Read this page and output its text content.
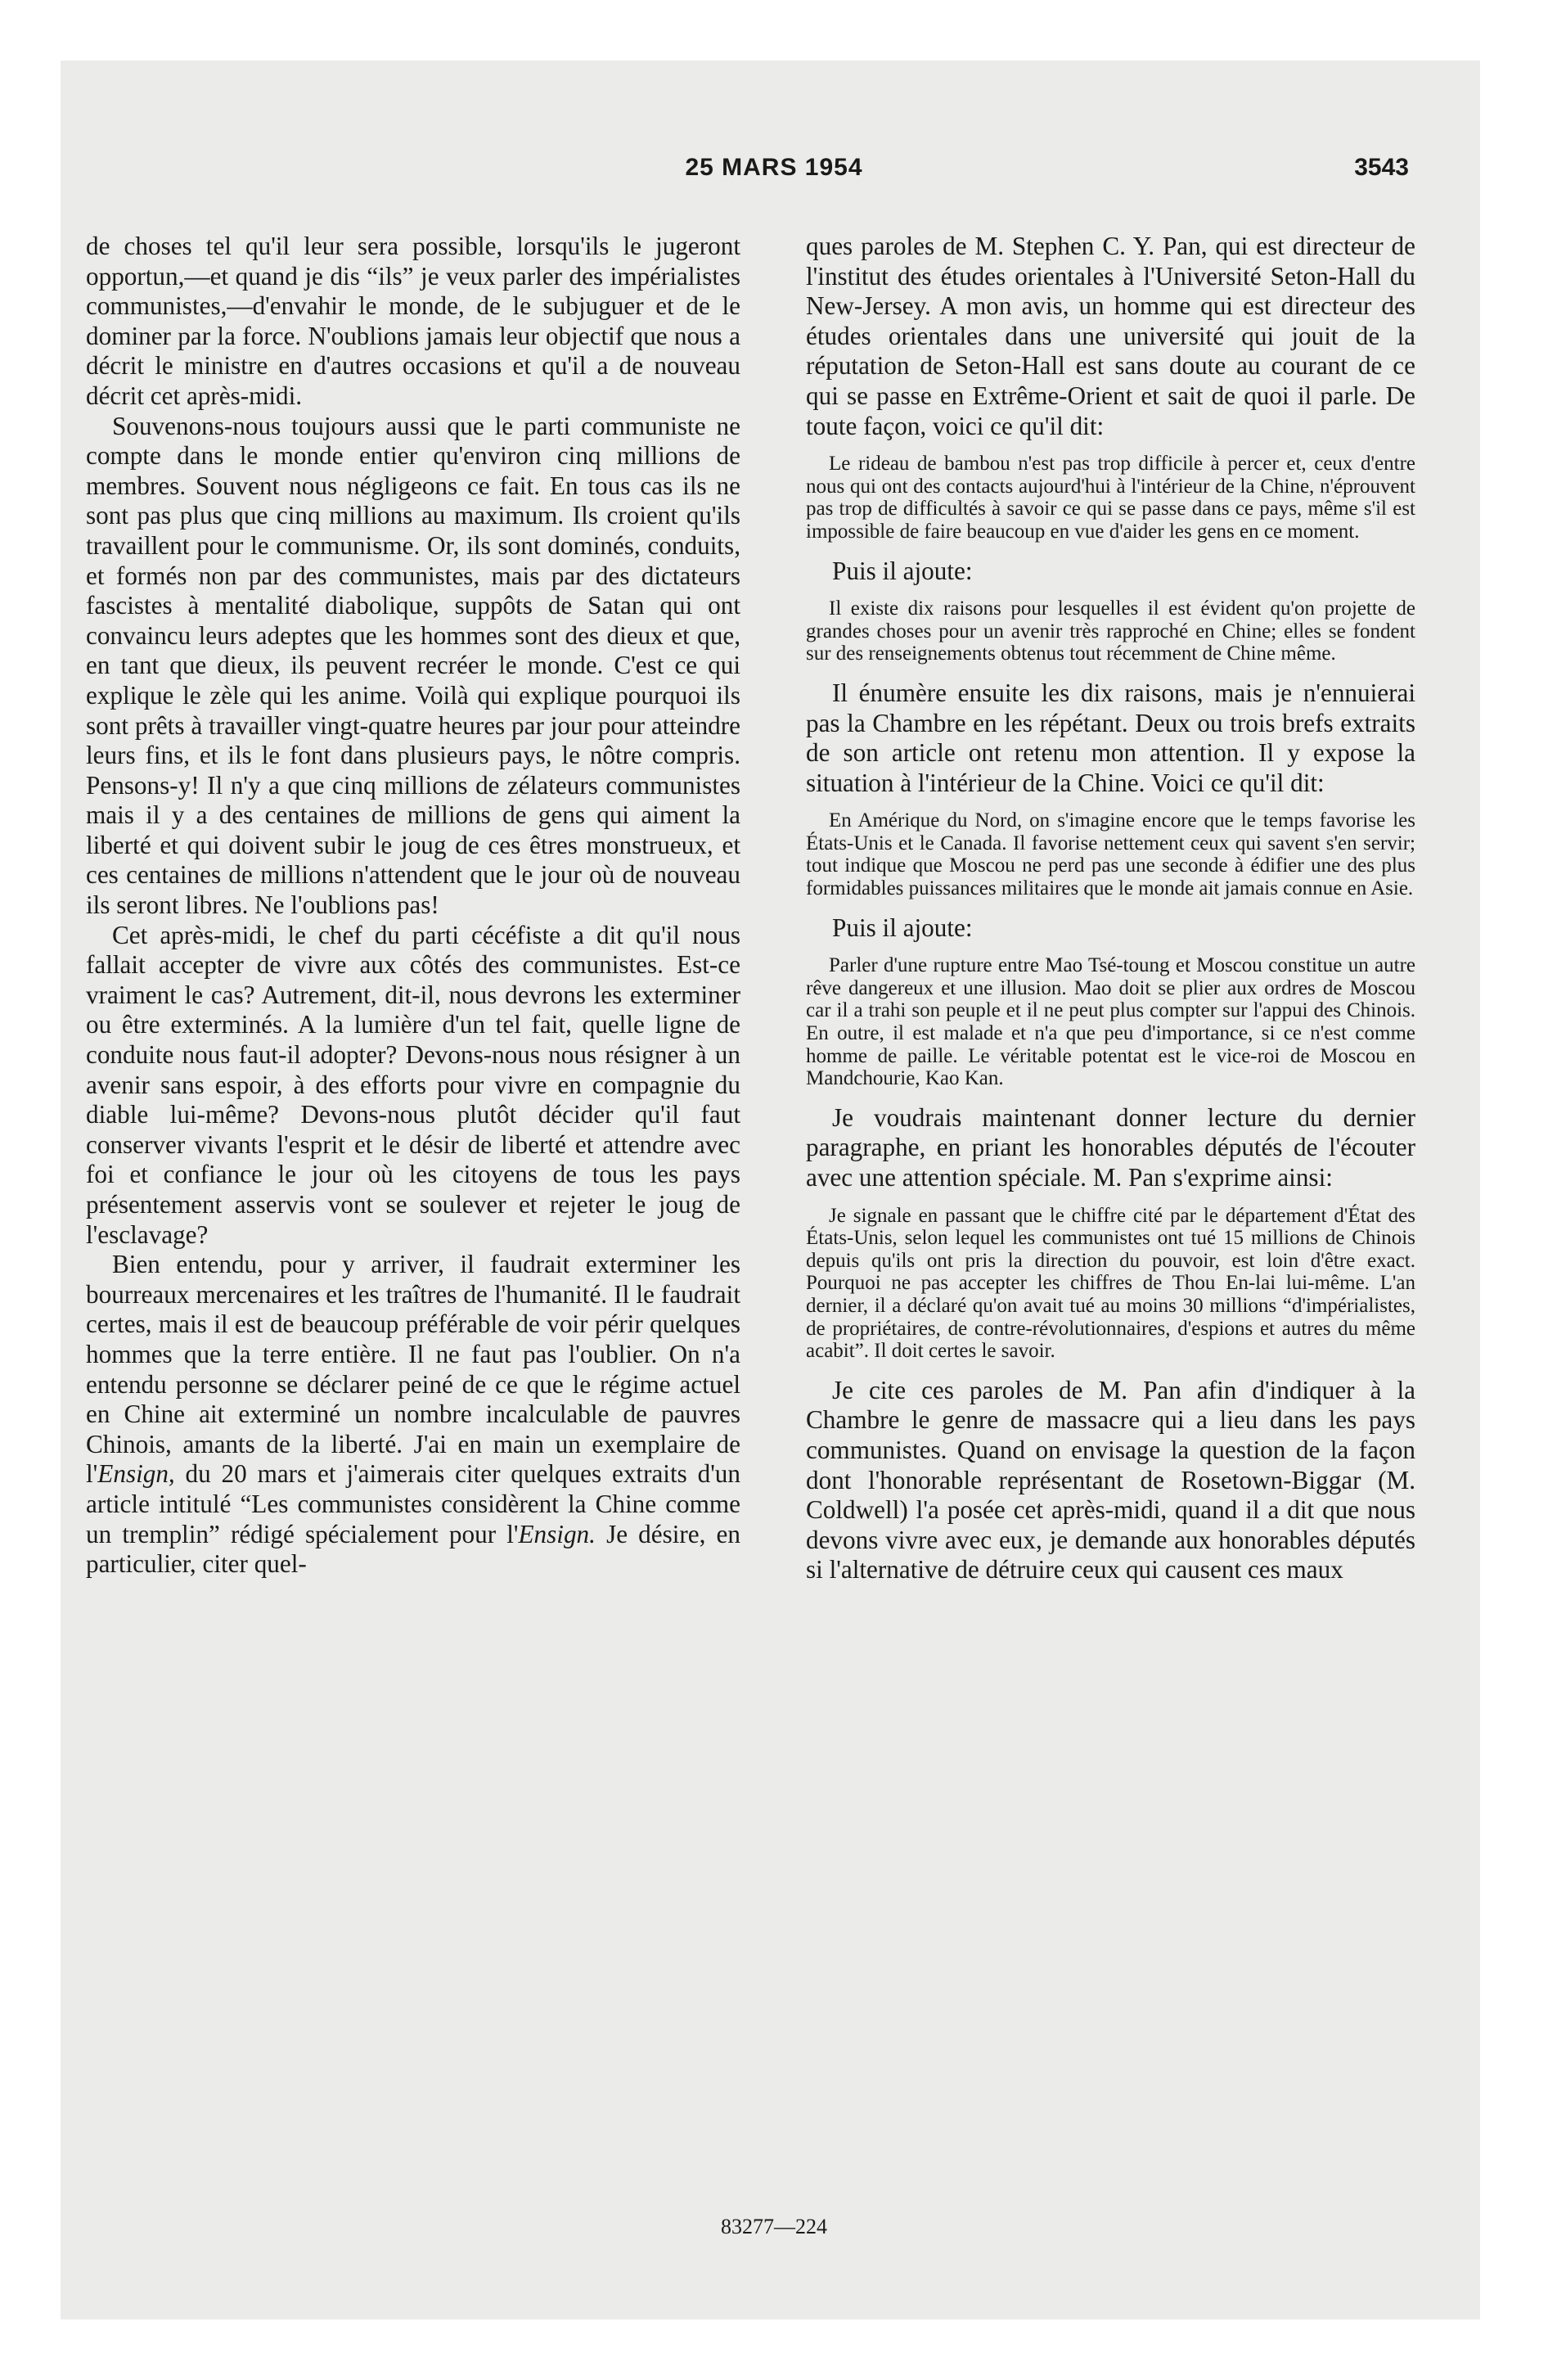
25 MARS 1954	3543

de choses tel qu'il leur sera possible, lorsqu'ils le jugeront opportun,—et quand je dis “ils” je veux parler des impérialistes communistes,—d'envahir le monde, de le subjuguer et de le dominer par la force. N'oublions jamais leur objectif que nous a décrit le ministre en d'autres occasions et qu'il a de nouveau décrit cet après-midi.

Souvenons-nous toujours aussi que le parti communiste ne compte dans le monde entier qu'environ cinq millions de membres. Souvent nous négligeons ce fait. En tous cas ils ne sont pas plus que cinq millions au maximum. Ils croient qu'ils travaillent pour le communisme. Or, ils sont dominés, conduits, et formés non par des communistes, mais par des dictateurs fascistes à mentalité diabolique, suppôts de Satan qui ont convaincu leurs adeptes que les hommes sont des dieux et que, en tant que dieux, ils peuvent recréer le monde. C'est ce qui explique le zèle qui les anime. Voilà qui explique pourquoi ils sont prêts à travailler vingt-quatre heures par jour pour atteindre leurs fins, et ils le font dans plusieurs pays, le nôtre compris. Pensons-y! Il n'y a que cinq millions de zélateurs communistes mais il y a des centaines de millions de gens qui aiment la liberté et qui doivent subir le joug de ces êtres monstrueux, et ces centaines de millions n'attendent que le jour où de nouveau ils seront libres. Ne l'oublions pas!

Cet après-midi, le chef du parti cécéfiste a dit qu'il nous fallait accepter de vivre aux côtés des communistes. Est-ce vraiment le cas? Autrement, dit-il, nous devrons les exterminer ou être exterminés. A la lumière d'un tel fait, quelle ligne de conduite nous faut-il adopter? Devons-nous nous résigner à un avenir sans espoir, à des efforts pour vivre en compagnie du diable lui-même? Devons-nous plutôt décider qu'il faut conserver vivants l'esprit et le désir de liberté et attendre avec foi et confiance le jour où les citoyens de tous les pays présentement asservis vont se soulever et rejeter le joug de l'esclavage?

Bien entendu, pour y arriver, il faudrait exterminer les bourreaux mercenaires et les traîtres de l'humanité. Il le faudrait certes, mais il est de beaucoup préférable de voir périr quelques hommes que la terre entière. Il ne faut pas l'oublier. On n'a entendu personne se déclarer peiné de ce que le régime actuel en Chine ait exterminé un nombre incalculable de pauvres Chinois, amants de la liberté. J'ai en main un exemplaire de l'Ensign, du 20 mars et j'aimerais citer quelques extraits d'un article intitulé “Les communistes considèrent la Chine comme un tremplin” rédigé spécialement pour l'Ensign. Je désire, en particulier, citer quel-

ques paroles de M. Stephen C. Y. Pan, qui est directeur de l'institut des études orientales à l'Université Seton-Hall du New-Jersey. A mon avis, un homme qui est directeur des études orientales dans une université qui jouit de la réputation de Seton-Hall est sans doute au courant de ce qui se passe en Extrême-Orient et sait de quoi il parle. De toute façon, voici ce qu'il dit:

Le rideau de bambou n'est pas trop difficile à percer et, ceux d'entre nous qui ont des contacts aujourd'hui à l'intérieur de la Chine, n'éprouvent pas trop de difficultés à savoir ce qui se passe dans ce pays, même s'il est impossible de faire beaucoup en vue d'aider les gens en ce moment.

Puis il ajoute:

Il existe dix raisons pour lesquelles il est évident qu'on projette de grandes choses pour un avenir très rapproché en Chine; elles se fondent sur des renseignements obtenus tout récemment de Chine même.

Il énumère ensuite les dix raisons, mais je n'ennuierai pas la Chambre en les répétant. Deux ou trois brefs extraits de son article ont retenu mon attention. Il y expose la situation à l'intérieur de la Chine. Voici ce qu'il dit:

En Amérique du Nord, on s'imagine encore que le temps favorise les États-Unis et le Canada. Il favorise nettement ceux qui savent s'en servir; tout indique que Moscou ne perd pas une seconde à édifier une des plus formidables puissances militaires que le monde ait jamais connue en Asie.

Puis il ajoute:

Parler d'une rupture entre Mao Tsé-toung et Moscou constitue un autre rêve dangereux et une illusion. Mao doit se plier aux ordres de Moscou car il a trahi son peuple et il ne peut plus compter sur l'appui des Chinois. En outre, il est malade et n'a que peu d'importance, si ce n'est comme homme de paille. Le véritable potentat est le vice-roi de Moscou en Mandchourie, Kao Kan.

Je voudrais maintenant donner lecture du dernier paragraphe, en priant les honorables députés de l'écouter avec une attention spéciale. M. Pan s'exprime ainsi:

Je signale en passant que le chiffre cité par le département d'État des États-Unis, selon lequel les communistes ont tué 15 millions de Chinois depuis qu'ils ont pris la direction du pouvoir, est loin d'être exact. Pourquoi ne pas accepter les chiffres de Thou En-lai lui-même. L'an dernier, il a déclaré qu'on avait tué au moins 30 millions “d'impérialistes, de propriétaires, de contre-révolutionnaires, d'espions et autres du même acabit”. Il doit certes le savoir.

Je cite ces paroles de M. Pan afin d'indiquer à la Chambre le genre de massacre qui a lieu dans les pays communistes. Quand on envisage la question de la façon dont l'honorable représentant de Rosetown-Biggar (M. Coldwell) l'a posée cet après-midi, quand il a dit que nous devons vivre avec eux, je demande aux honorables députés si l'alternative de détruire ceux qui causent ces maux

83277—224
